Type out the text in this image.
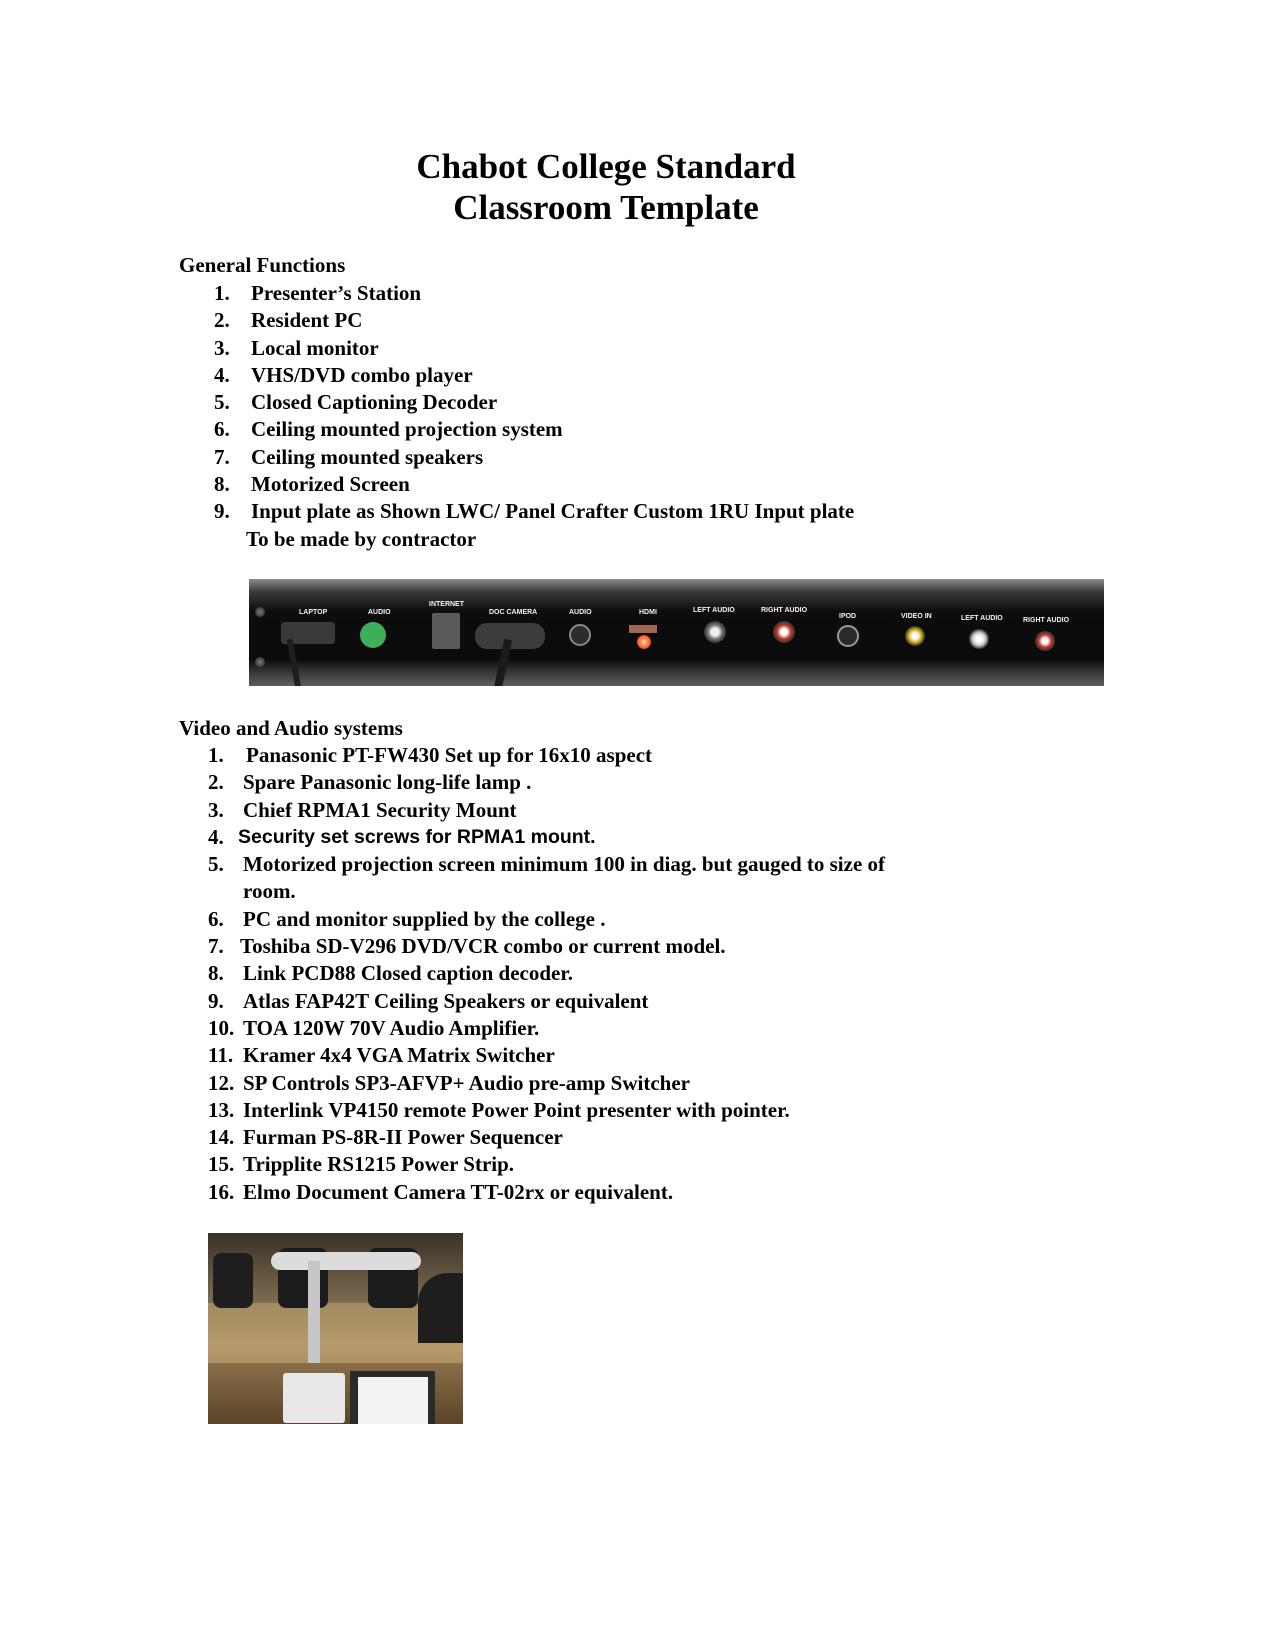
Chabot College Standard
Classroom Template
General Functions
1. Presenter’s Station
2. Resident PC
3. Local monitor
4. VHS/DVD combo player
5. Closed Captioning Decoder
6. Ceiling mounted projection system
7. Ceiling mounted speakers
8. Motorized Screen
9. Input plate as Shown LWC/ Panel Crafter Custom 1RU Input plate
To be made by contractor
LAPTOP	AUDIO
INTERNET
DOC CAMERA	AUDIO	HDMI	LEFT AUDIO	RIGHT AUDIO
IPOD	VIDEO IN	LEFT AUDIO	RIGHT AUDIO
Video and Audio systems
1. Panasonic PT-FW430 Set up for 16x10 aspect
2. Spare Panasonic long-life lamp .
3. Chief RPMA1 Security Mount
4. Security set screws for RPMA1 mount.
5. Motorized projection screen minimum 100 in diag. but gauged to size of
room.
6. PC and monitor supplied by the college .
7. Toshiba SD-V296 DVD/VCR combo or current model.
8. Link PCD88 Closed caption decoder.
9. Atlas FAP42T Ceiling Speakers or equivalent
10. TOA 120W 70V Audio Amplifier.
11. Kramer 4x4 VGA Matrix Switcher
12. SP Controls SP3-AFVP+ Audio pre-amp Switcher
13. Interlink VP4150 remote Power Point presenter with pointer.
14. Furman PS-8R-II Power Sequencer
15. Tripplite RS1215 Power Strip.
16. Elmo Document Camera TT-02rx or equivalent.
